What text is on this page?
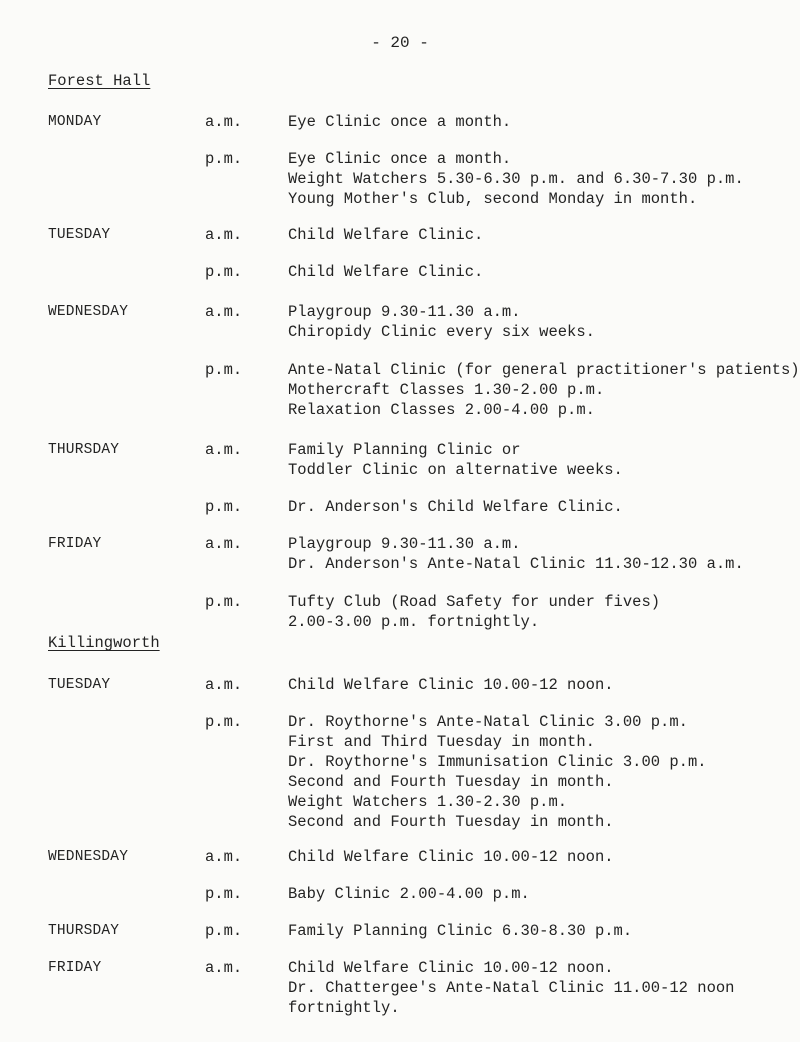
- 20 -
Forest Hall
MONDAY	a.m.	Eye Clinic once a month.
p.m.	Eye Clinic once a month.
Weight Watchers 5.30-6.30 p.m. and 6.30-7.30 p.m.
Young Mother's Club, second Monday in month.
TUESDAY	a.m.	Child Welfare Clinic.
p.m.	Child Welfare Clinic.
WEDNESDAY	a.m.	Playgroup 9.30-11.30 a.m.
Chiropidy Clinic every six weeks.
p.m.	Ante-Natal Clinic (for general practitioner's patients)
Mothercraft Classes 1.30-2.00 p.m.
Relaxation Classes 2.00-4.00 p.m.
THURSDAY	a.m.	Family Planning Clinic or
Toddler Clinic on alternative weeks.
p.m.	Dr. Anderson's Child Welfare Clinic.
FRIDAY	a.m.	Playgroup 9.30-11.30 a.m.
Dr. Anderson's Ante-Natal Clinic 11.30-12.30 a.m.
p.m.	Tufty Club (Road Safety for under fives)
2.00-3.00 p.m. fortnightly.
Killingworth
TUESDAY	a.m.	Child Welfare Clinic 10.00-12 noon.
p.m.	Dr. Roythorne's Ante-Natal Clinic 3.00 p.m.
First and Third Tuesday in month.
Dr. Roythorne's Immunisation Clinic 3.00 p.m.
Second and Fourth Tuesday in month.
Weight Watchers 1.30-2.30 p.m.
Second and Fourth Tuesday in month.
WEDNESDAY	a.m.	Child Welfare Clinic 10.00-12 noon.
p.m.	Baby Clinic 2.00-4.00 p.m.
THURSDAY	p.m.	Family Planning Clinic 6.30-8.30 p.m.
FRIDAY	a.m.	Child Welfare Clinic 10.00-12 noon.
Dr. Chattergee's Ante-Natal Clinic 11.00-12 noon
fortnightly.
